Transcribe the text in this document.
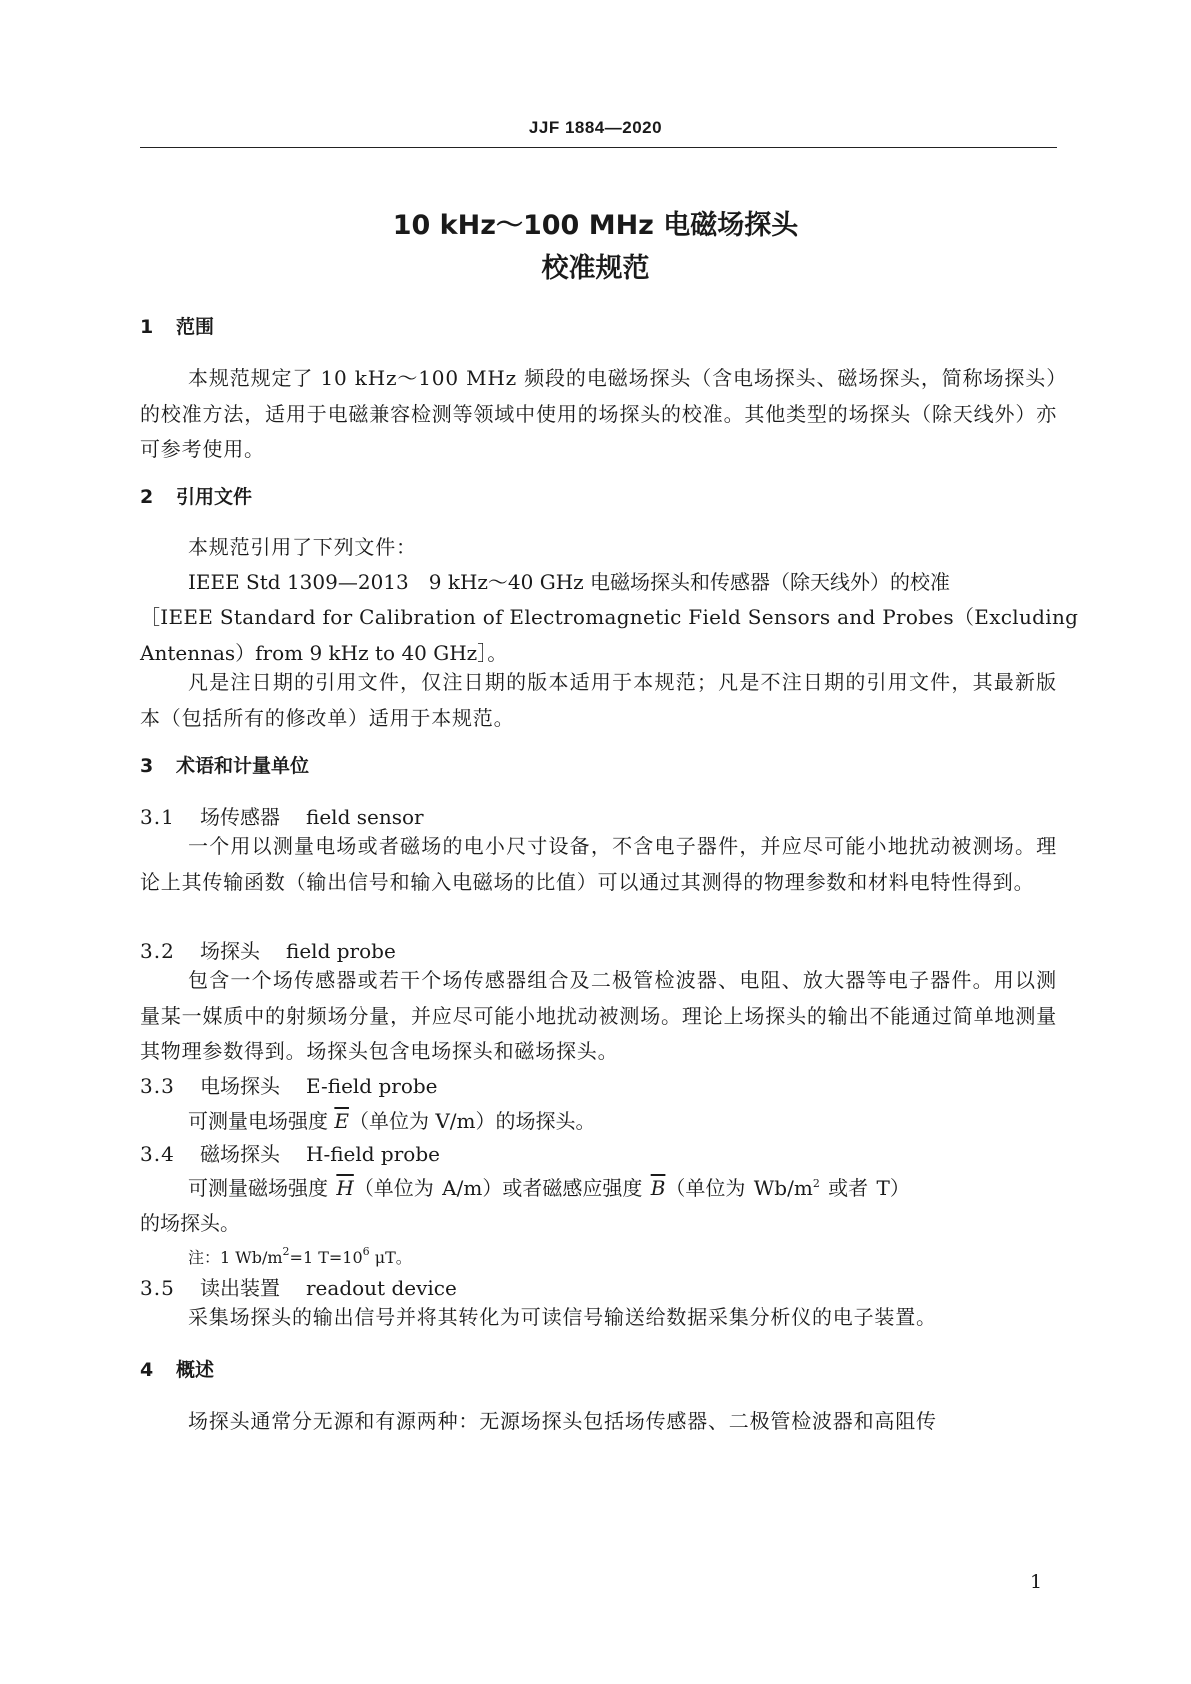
JJF 1884—2020
10 kHz～100 MHz 电磁场探头
校准规范
1 范围
本规范规定了 10 kHz～100 MHz 频段的电磁场探头（含电场探头、磁场探头，简称场探头）的校准方法，适用于电磁兼容检测等领域中使用的场探头的校准。其他类型的场探头（除天线外）亦可参考使用。
2 引用文件
本规范引用了下列文件：
IEEE Std 1309—2013　9 kHz～40 GHz 电磁场探头和传感器（除天线外）的校准
［IEEE Standard for Calibration of Electromagnetic Field Sensors and Probes（Excluding
Antennas）from 9 kHz to 40 GHz］。
凡是注日期的引用文件，仅注日期的版本适用于本规范；凡是不注日期的引用文件，其最新版本（包括所有的修改单）适用于本规范。
3 术语和计量单位
3.1 场传感器 field sensor
一个用以测量电场或者磁场的电小尺寸设备，不含电子器件，并应尽可能小地扰动被测场。理论上其传输函数（输出信号和输入电磁场的比值）可以通过其测得的物理参数和材料电特性得到。
3.2 场探头 field probe
包含一个场传感器或若干个场传感器组合及二极管检波器、电阻、放大器等电子器件。用以测量某一媒质中的射频场分量，并应尽可能小地扰动被测场。理论上场探头的输出不能通过简单地测量其物理参数得到。场探头包含电场探头和磁场探头。
3.3 电场探头 E-field probe
可测量电场强度 $\overline{E}$（单位为 V/m）的场探头。
3.4 磁场探头 H-field probe
可测量磁场强度 $\overline{H}$（单位为 A/m）或者磁感应强度 $\overline{B}$（单位为 $Wb/m^2$ 或者 T）
的场探头。
注：1 $Wb/m^2=1$ $T=10^6$ μT。
3.5 读出装置 readout device
采集场探头的输出信号并将其转化为可读信号输送给数据采集分析仪的电子装置。
4 概述
场探头通常分无源和有源两种：无源场探头包括场传感器、二极管检波器和高阻传
1
